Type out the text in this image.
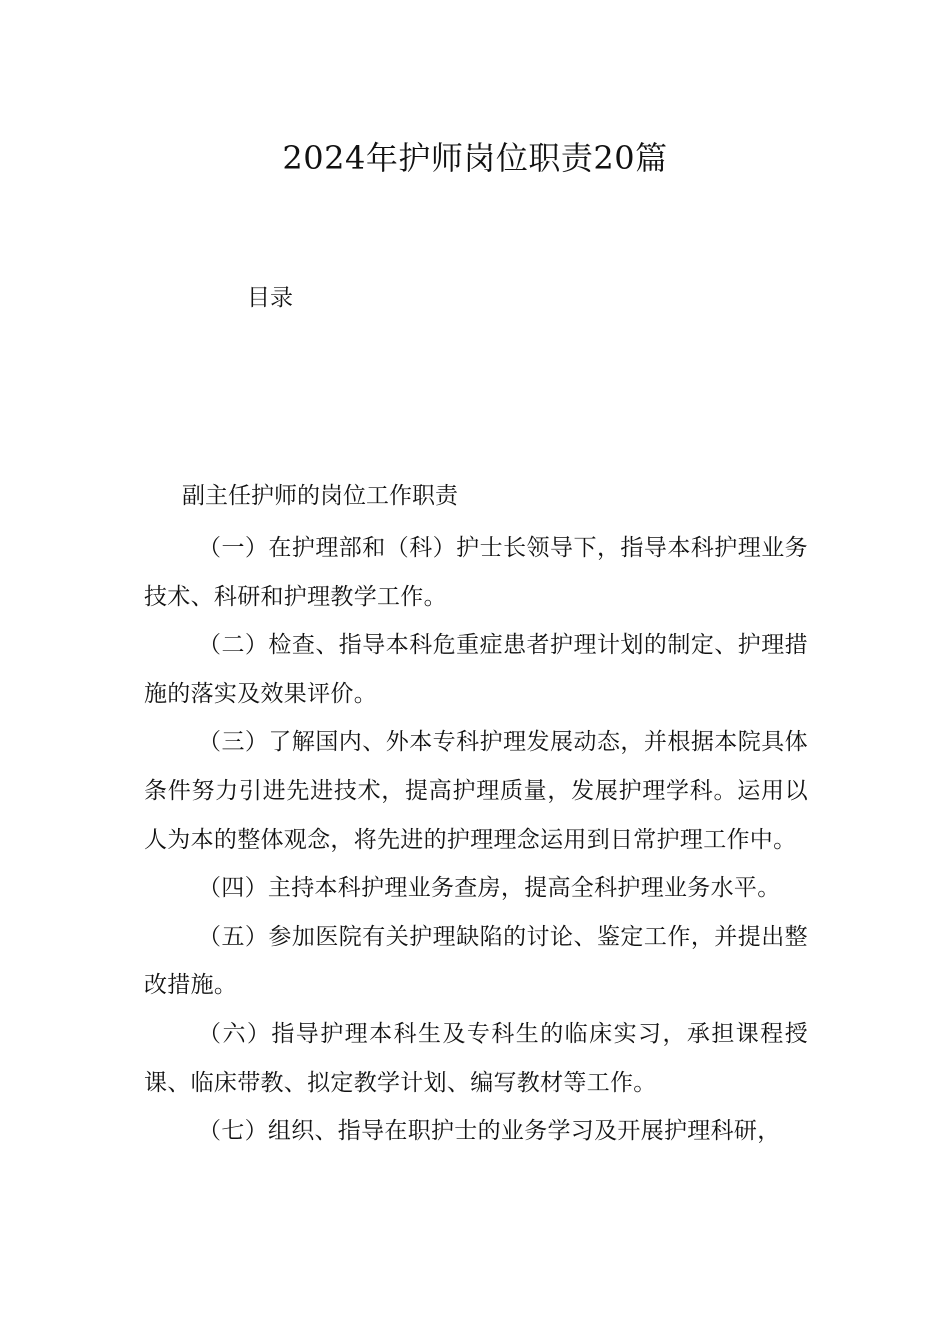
2024年护师岗位职责20篇

目录

副主任护师的岗位工作职责

（一）在护理部和（科）护士长领导下，指导本科护理业务技术、科研和护理教学工作。

（二）检查、指导本科危重症患者护理计划的制定、护理措施的落实及效果评价。

（三）了解国内、外本专科护理发展动态，并根据本院具体条件努力引进先进技术，提高护理质量，发展护理学科。运用以人为本的整体观念，将先进的护理理念运用到日常护理工作中。

（四）主持本科护理业务查房，提高全科护理业务水平。

（五）参加医院有关护理缺陷的讨论、鉴定工作，并提出整改措施。

（六）指导护理本科生及专科生的临床实习，承担课程授课、临床带教、拟定教学计划、编写教材等工作。

（七）组织、指导在职护士的业务学习及开展护理科研，
